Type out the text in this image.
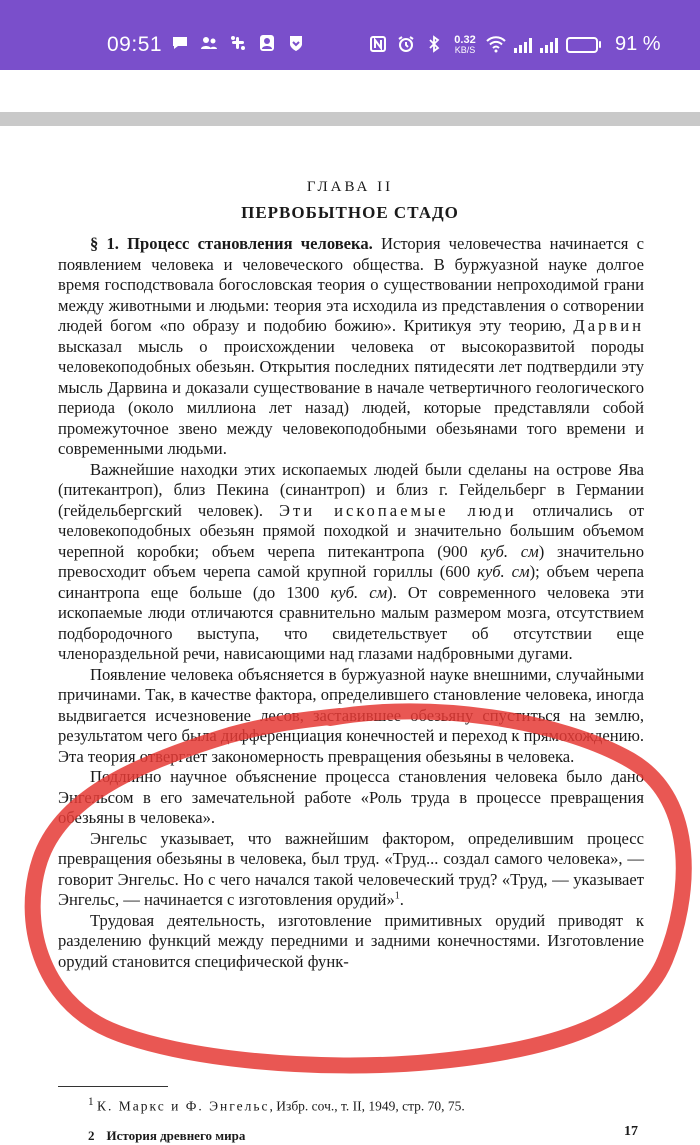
09:51	0.32
KB/S	91 %
ГЛАВА II
ПЕРВОБЫТНОЕ СТАДО

§ 1. Процесс становления человека. История человечества начинается с появлением человека и человеческого общества. В буржуазной науке долгое время господствовала богословская теория о существовании непроходимой грани между животными и людьми: теория эта исходила из представления о сотворении людей богом «по образу и подобию божию». Критикуя эту теорию, Дарвин высказал мысль о происхождении человека от высокоразвитой породы человекоподобных обезьян. Открытия последних пятидесяти лет подтвердили эту мысль Дарвина и доказали существование в начале четвертичного геологического периода (около миллиона лет назад) людей, которые представляли собой промежуточное звено между человекоподобными обезьянами того времени и современными людьми.

Важнейшие находки этих ископаемых людей были сделаны на острове Ява (питекантроп), близ Пекина (синантроп) и близ г. Гейдельберг в Германии (гейдельбергский человек). Эти ископаемые люди отличались от человекоподобных обезьян прямой походкой и значительно большим объемом черепной коробки; объем черепа питекантропа (900 куб. см) значительно превосходит объем черепа самой крупной гориллы (600 куб. см); объем черепа синантропа еще больше (до 1300 куб. см). От современного человека эти ископаемые люди отличаются сравнительно малым размером мозга, отсутствием подбородочного выступа, что свидетельствует об отсутствии еще членораздельной речи, нависающими над глазами надбровными дугами.

Появление человека объясняется в буржуазной науке внешними, случайными причинами. Так, в качестве фактора, определившего становление человека, иногда выдвигается исчезновение лесов, заставившее обезьяну спуститься на землю, результатом чего была дифференциация конечностей и переход к прямохождению. Эта теория отвергает закономерность превращения обезьяны в человека.

Подлинно научное объяснение процесса становления человека было дано Энгельсом в его замечательной работе «Роль труда в процессе превращения обезьяны в человека».

Энгельс указывает, что важнейшим фактором, определившим процесс превращения обезьяны в человека, был труд. «Труд... создал самого человека», — говорит Энгельс. Но с чего начался такой человеческий труд? «Труд, — указывает Энгельс, — начинается с изготовления орудий»$^1$.

Трудовая деятельность, изготовление примитивных орудий приводят к разделению функций между передними и задними конечностями. Изготовление орудий становится специфической функ-

$^1$ К. Маркс и Ф. Энгельс, Избр. соч., т. II, 1949, стр. 70, 75.
2 История древнего мира	17
